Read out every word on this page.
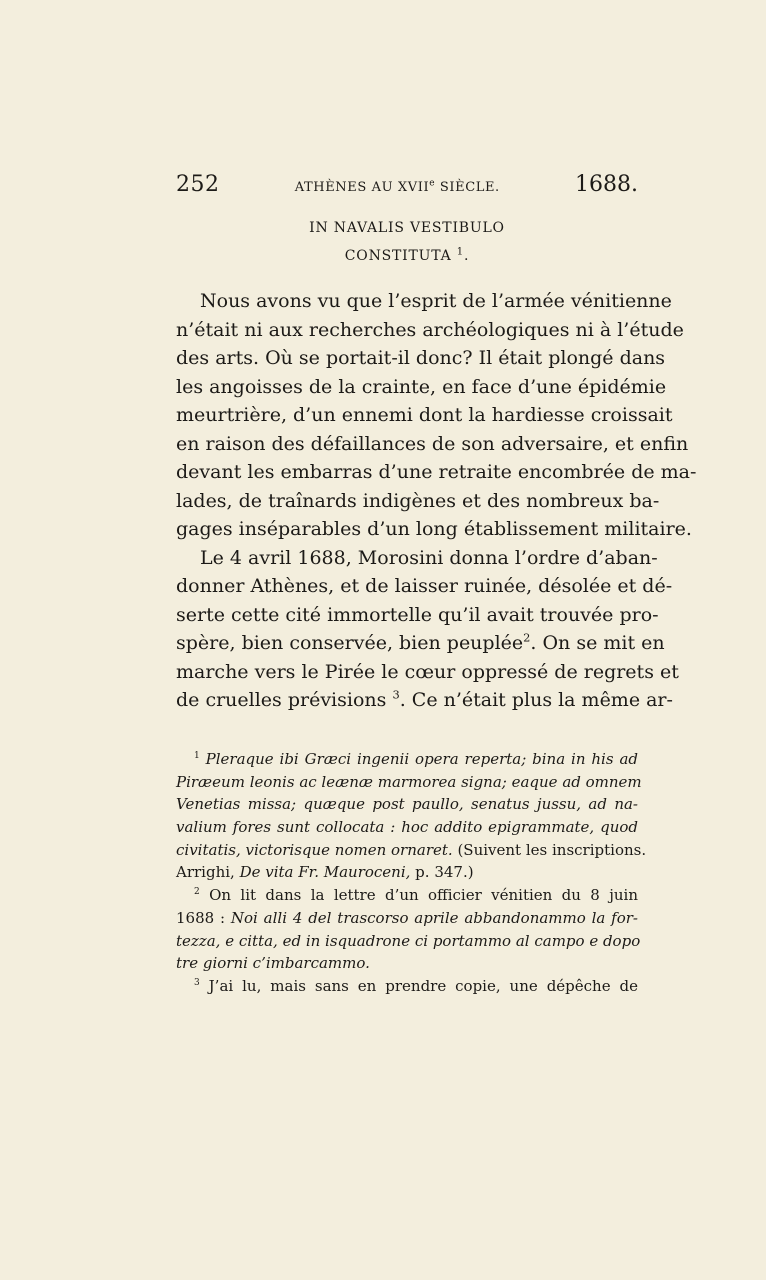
252	ATHÈNES AU XVIIe SIÈCLE.	1688.
IN NAVALIS VESTIBULO
CONSTITUTA $^1$.
Nous avons vu que l’esprit de l’armée vénitienne
n’était ni aux recherches archéologiques ni à l’étude
des arts. Où se portait-il donc? Il était plongé dans
les angoisses de la crainte, en face d’une épidémie
meurtrière, d’un ennemi dont la hardiesse croissait
en raison des défaillances de son adversaire, et enfin
devant les embarras d’une retraite encombrée de ma-
lades, de traînards indigènes et des nombreux ba-
gages inséparables d’un long établissement militaire.
Le 4 avril 1688, Morosini donna l’ordre d’aban-
donner Athènes, et de laisser ruinée, désolée et dé-
serte cette cité immortelle qu’il avait trouvée pro-
spère, bien conservée, bien peuplée$^2$. On se mit en
marche vers le Pirée le cœur oppressé de regrets et
de cruelles prévisions $^3$. Ce n’était plus la même ar-
$^1$ Pleraque ibi Græci ingenii opera reperta; bina in his ad
Piræeum leonis ac leænæ marmorea signa; eaque ad omnem
Venetias missa; quæque post paullo, senatus jussu, ad na-
valium fores sunt collocata : hoc addito epigrammate, quod
civitatis, victorisque nomen ornaret. (Suivent les inscriptions.
Arrighi, De vita Fr. Mauroceni, p. 347.)
$^2$ On lit dans la lettre d’un officier vénitien du 8 juin
1688 : Noi alli 4 del trascorso aprile abbandonammo la for-
tezza, e citta, ed in isquadrone ci portammo al campo e dopo
tre giorni c’imbarcammo.
$^3$ J’ai lu, mais sans en prendre copie, une dépêche de
